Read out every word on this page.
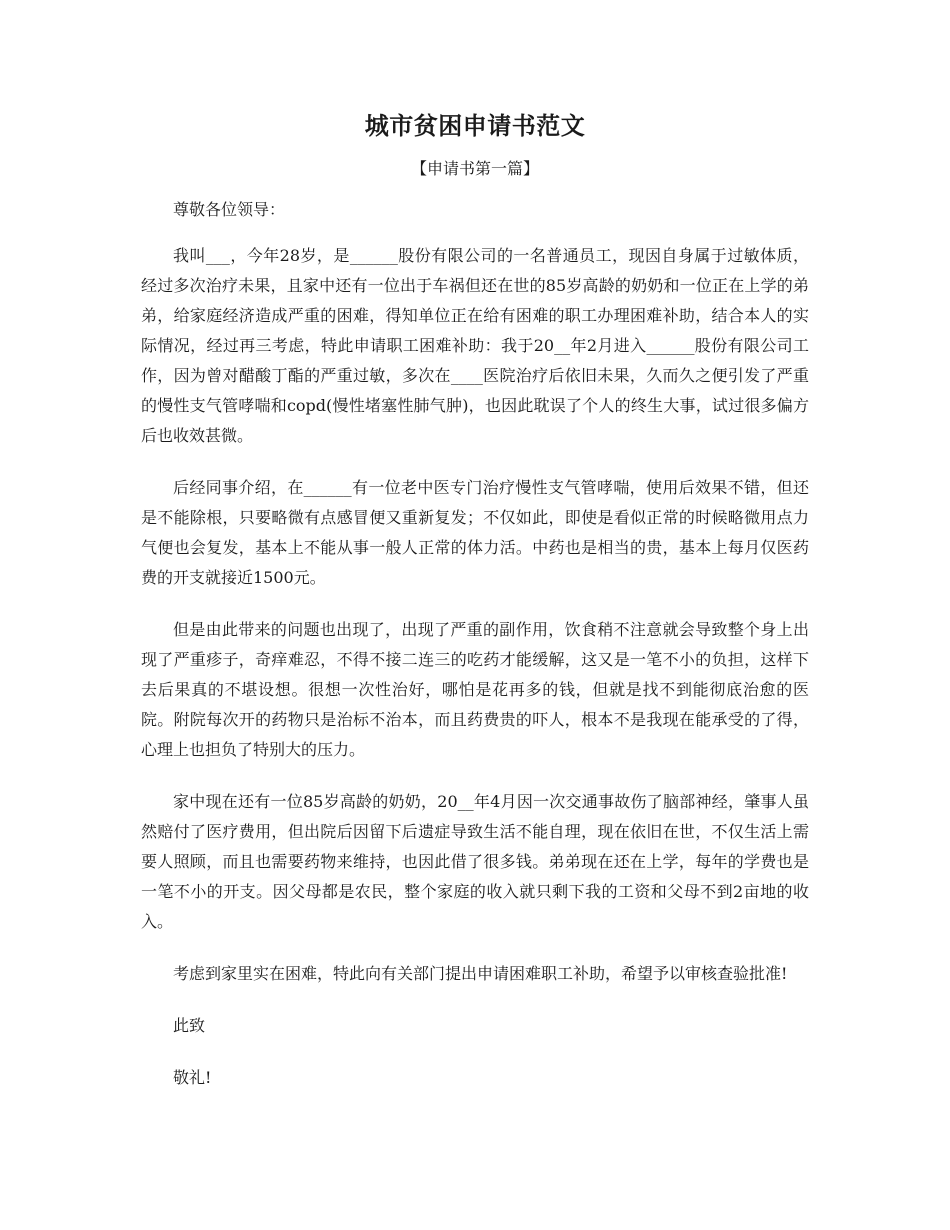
城市贫困申请书范文

【申请书第一篇】

尊敬各位领导：

我叫___，今年28岁，是______股份有限公司的一名普通员工，现因自身属于过敏体质，经过多次治疗未果，且家中还有一位出于车祸但还在世的85岁高龄的奶奶和一位正在上学的弟弟，给家庭经济造成严重的困难，得知单位正在给有困难的职工办理困难补助，结合本人的实际情况，经过再三考虑，特此申请职工困难补助：我于20__年2月进入______股份有限公司工作，因为曾对醋酸丁酯的严重过敏，多次在____医院治疗后依旧未果，久而久之便引发了严重的慢性支气管哮喘和copd(慢性堵塞性肺气肿)，也因此耽误了个人的终生大事，试过很多偏方后也收效甚微。

后经同事介绍，在______有一位老中医专门治疗慢性支气管哮喘，使用后效果不错，但还是不能除根，只要略微有点感冒便又重新复发；不仅如此，即使是看似正常的时候略微用点力气便也会复发，基本上不能从事一般人正常的体力活。中药也是相当的贵，基本上每月仅医药费的开支就接近1500元。

但是由此带来的问题也出现了，出现了严重的副作用，饮食稍不注意就会导致整个身上出现了严重疹子，奇痒难忍，不得不接二连三的吃药才能缓解，这又是一笔不小的负担，这样下去后果真的不堪设想。很想一次性治好，哪怕是花再多的钱，但就是找不到能彻底治愈的医院。附院每次开的药物只是治标不治本，而且药费贵的吓人，根本不是我现在能承受的了得，心理上也担负了特别大的压力。

家中现在还有一位85岁高龄的奶奶，20__年4月因一次交通事故伤了脑部神经，肇事人虽然赔付了医疗费用，但出院后因留下后遗症导致生活不能自理，现在依旧在世，不仅生活上需要人照顾，而且也需要药物来维持，也因此借了很多钱。弟弟现在还在上学，每年的学费也是一笔不小的开支。因父母都是农民，整个家庭的收入就只剩下我的工资和父母不到2亩地的收入。

考虑到家里实在困难，特此向有关部门提出申请困难职工补助，希望予以审核查验批准!

此致

敬礼!
